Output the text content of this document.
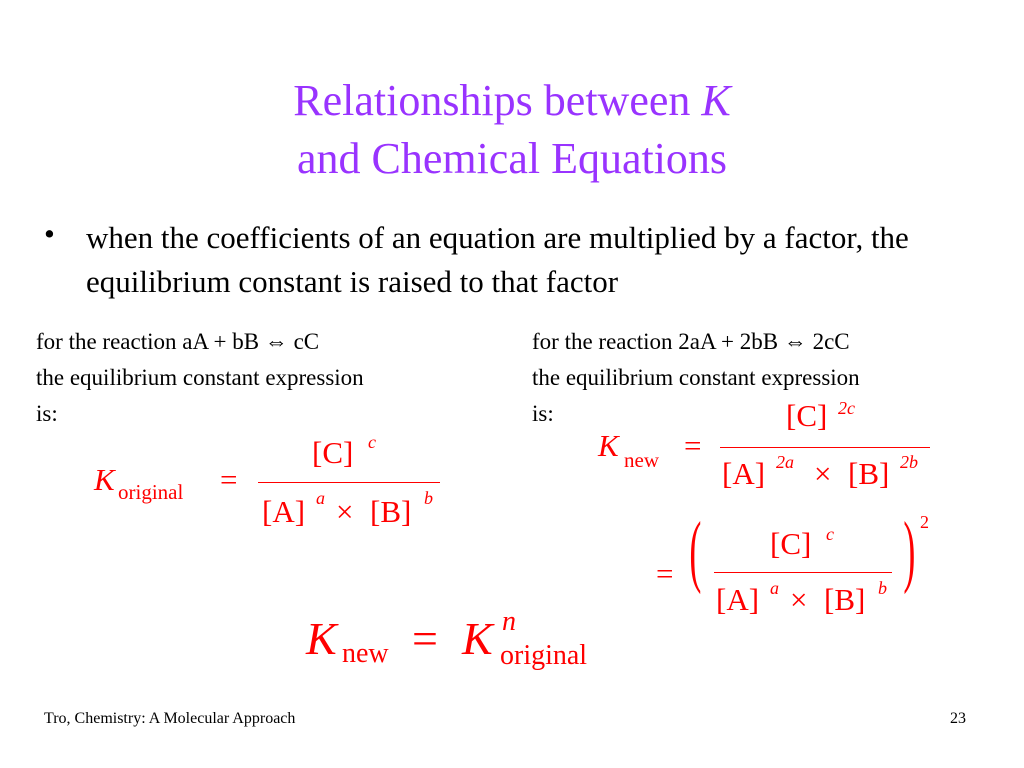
Relationships between K
and Chemical Equations
• when the coefficients of an equation are multiplied by a factor, the equilibrium constant is raised to that factor
for the reaction aA + bB ⇔ cC
the equilibrium constant expression
is:
for the reaction 2aA + 2bB ⇔ 2cC
the equilibrium constant expression
is:
K original =
[C] c
[A] a × [B] b
K new =
[C] 2c
[A] 2a × [B] 2b
= ( [C] c
[A] a × [B] b ) 2
K new = K n
original
Tro, Chemistry: A Molecular Approach	23
